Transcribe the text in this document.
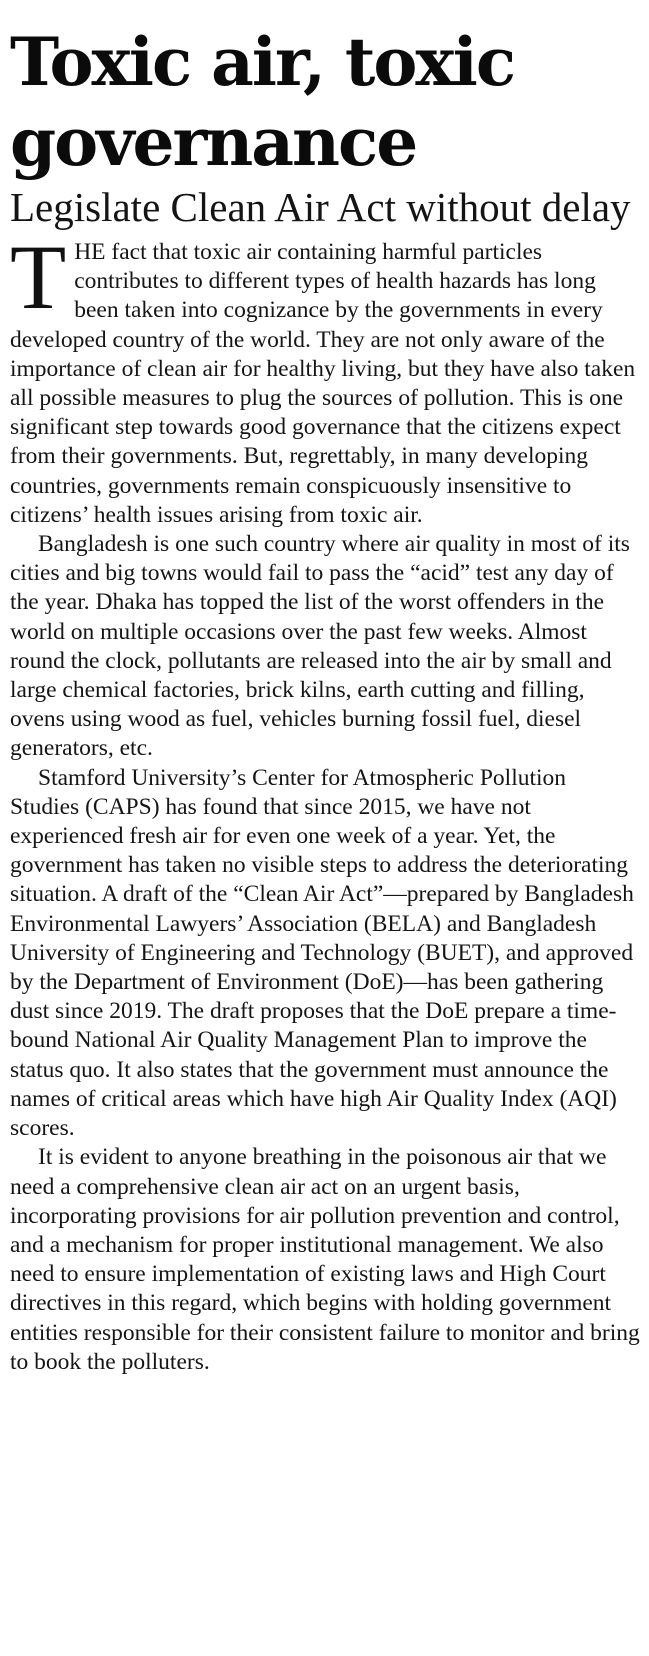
Toxic air, toxic governance
Legislate Clean Air Act without delay

THE fact that toxic air containing harmful particles contributes to different types of health hazards has long been taken into cognizance by the governments in every developed country of the world. They are not only aware of the importance of clean air for healthy living, but they have also taken all possible measures to plug the sources of pollution. This is one significant step towards good governance that the citizens expect from their governments. But, regrettably, in many developing countries, governments remain conspicuously insensitive to citizens’ health issues arising from toxic air.

Bangladesh is one such country where air quality in most of its cities and big towns would fail to pass the “acid” test any day of the year. Dhaka has topped the list of the worst offenders in the world on multiple occasions over the past few weeks. Almost round the clock, pollutants are released into the air by small and large chemical factories, brick kilns, earth cutting and filling, ovens using wood as fuel, vehicles burning fossil fuel, diesel generators, etc.

Stamford University’s Center for Atmospheric Pollution Studies (CAPS) has found that since 2015, we have not experienced fresh air for even one week of a year. Yet, the government has taken no visible steps to address the deteriorating situation. A draft of the “Clean Air Act”—prepared by Bangladesh Environmental Lawyers’ Association (BELA) and Bangladesh University of Engineering and Technology (BUET), and approved by the Department of Environment (DoE)—has been gathering dust since 2019. The draft proposes that the DoE prepare a time-bound National Air Quality Management Plan to improve the status quo. It also states that the government must announce the names of critical areas which have high Air Quality Index (AQI) scores.

It is evident to anyone breathing in the poisonous air that we need a comprehensive clean air act on an urgent basis, incorporating provisions for air pollution prevention and control, and a mechanism for proper institutional management. We also need to ensure implementation of existing laws and High Court directives in this regard, which begins with holding government entities responsible for their consistent failure to monitor and bring to book the polluters.
